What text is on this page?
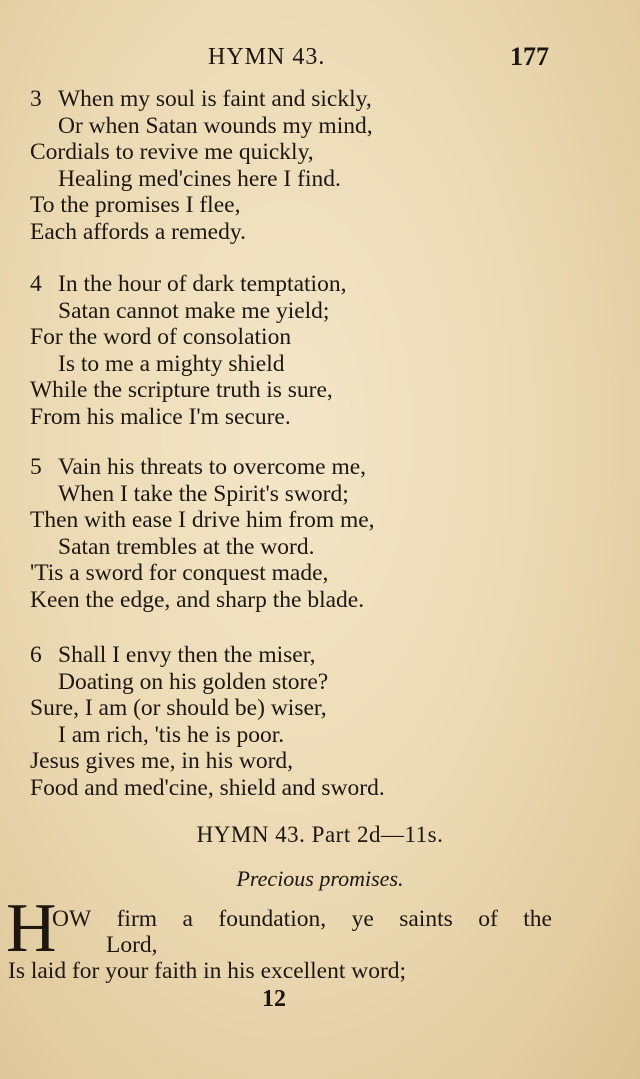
HYMN 43.	177
3 When my soul is faint and sickly,
Or when Satan wounds my mind,
Cordials to revive me quickly,
Healing med'cines here I find.
To the promises I flee,
Each affords a remedy.
4 In the hour of dark temptation,
Satan cannot make me yield;
For the word of consolation
Is to me a mighty shield
While the scripture truth is sure,
From his malice I'm secure.
5 Vain his threats to overcome me,
When I take the Spirit's sword;
Then with ease I drive him from me,
Satan trembles at the word.
'Tis a sword for conquest made,
Keen the edge, and sharp the blade.
6 Shall I envy then the miser,
Doating on his golden store?
Sure, I am (or should be) wiser,
I am rich, 'tis he is poor.
Jesus gives me, in his word,
Food and med'cine, shield and sword.
HYMN 43. Part 2d—11s.
Precious promises.
H
OW firm a foundation, ye saints of the
Lord,
Is laid for your faith in his excellent word;
12
